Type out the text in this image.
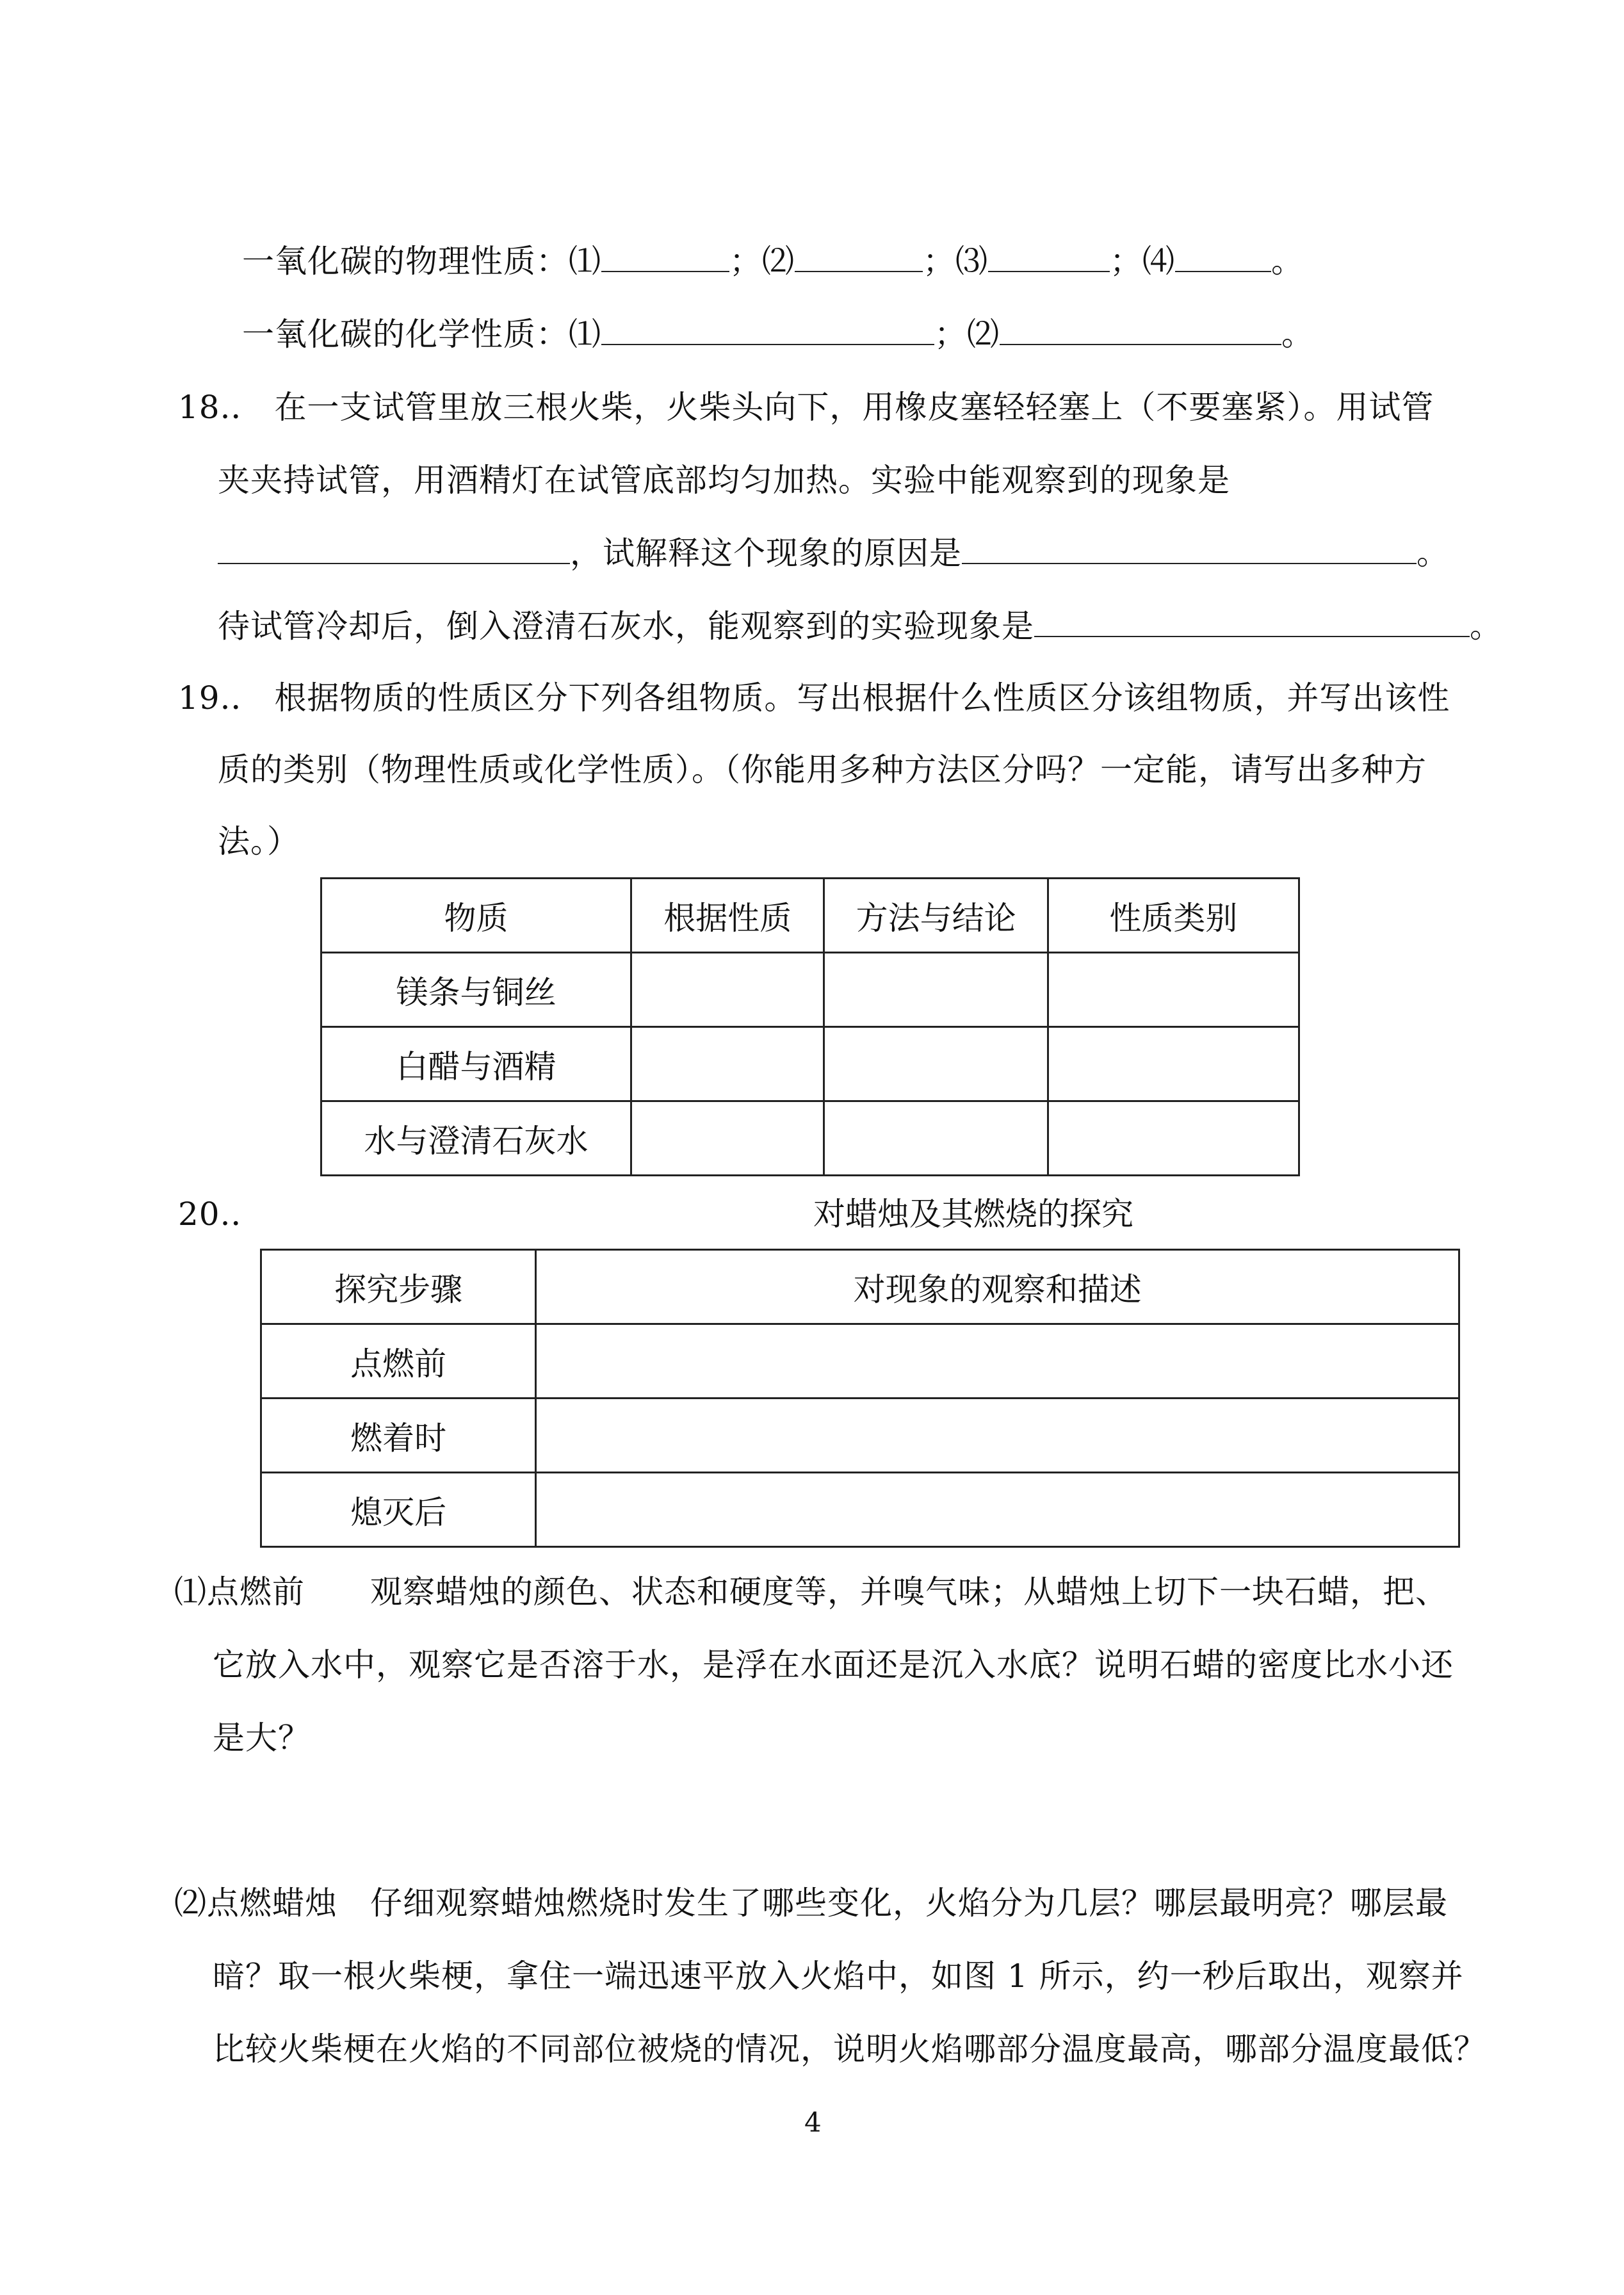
一氧化碳的物理性质：⑴	；⑵	；⑶	；⑷	。
一氧化碳的化学性质：⑴	；⑵	。
18.． 在一支试管里放三根火柴，火柴头向下，用橡皮塞轻轻塞上（不要塞紧）。用试管
夹夹持试管，用酒精灯在试管底部均匀加热。实验中能观察到的现象是
，试解释这个现象的原因是	。
待试管冷却后，倒入澄清石灰水，能观察到的实验现象是	。
19.． 根据物质的性质区分下列各组物质。写出根据什么性质区分该组物质，并写出该性
质的类别（物理性质或化学性质）。（你能用多种方法区分吗？一定能，请写出多种方
法。）
物质	根据性质	方法与结论	性质类别
镁条与铜丝			
白醋与酒精			
水与澄清石灰水			
20.．	对蜡烛及其燃烧的探究
探究步骤	对现象的观察和描述
点燃前	
燃着时	
熄灭后	
⑴点燃前　　观察蜡烛的颜色、状态和硬度等，并嗅气味；从蜡烛上切下一块石蜡，把、
它放入水中，观察它是否溶于水，是浮在水面还是沉入水底？说明石蜡的密度比水小还
是大？
⑵点燃蜡烛　仔细观察蜡烛燃烧时发生了哪些变化，火焰分为几层？哪层最明亮？哪层最
暗？取一根火柴梗，拿住一端迅速平放入火焰中，如图 1 所示，约一秒后取出，观察并
比较火柴梗在火焰的不同部位被烧的情况，说明火焰哪部分温度最高，哪部分温度最低？
4
